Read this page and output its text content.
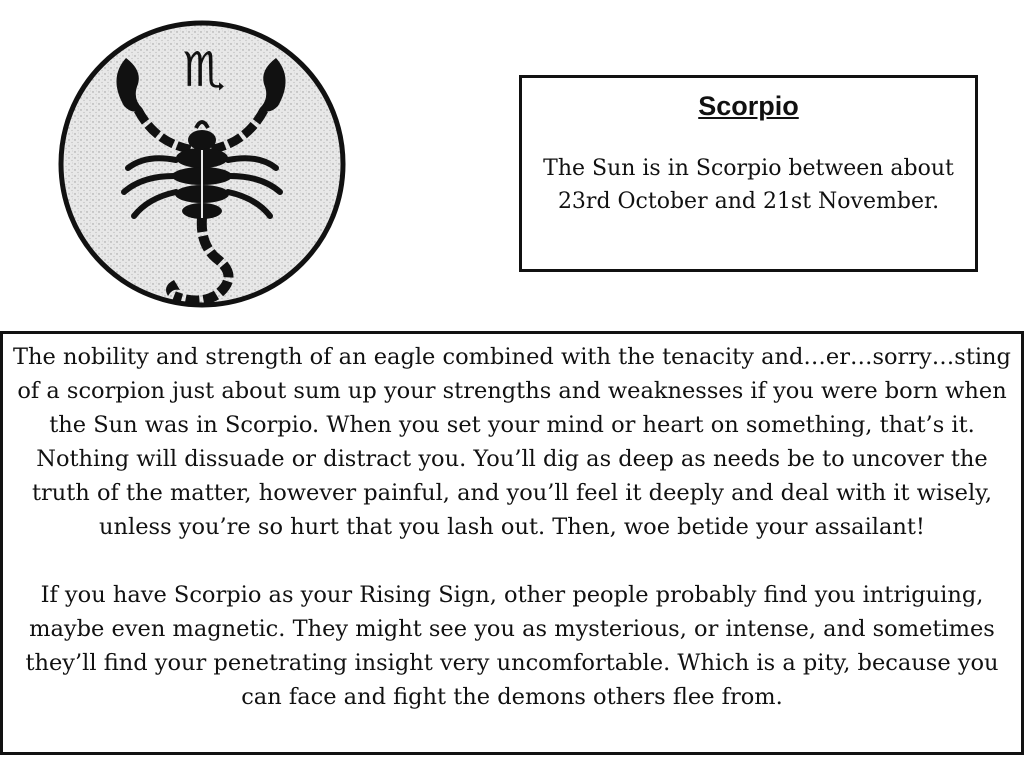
♏
Scorpio
The Sun is in Scorpio between about 23rd October and 21st November.

The nobility and strength of an eagle combined with the tenacity and…er…sorry…sting of a scorpion just about sum up your strengths and weaknesses if you were born when the Sun was in Scorpio. When you set your mind or heart on something, that’s it. Nothing will dissuade or distract you. You’ll dig as deep as needs be to uncover the truth of the matter, however painful, and you’ll feel it deeply and deal with it wisely, unless you’re so hurt that you lash out. Then, woe betide your assailant!

If you have Scorpio as your Rising Sign, other people probably find you intriguing, maybe even magnetic. They might see you as mysterious, or intense, and sometimes they’ll find your penetrating insight very uncomfortable. Which is a pity, because you can face and fight the demons others flee from.
